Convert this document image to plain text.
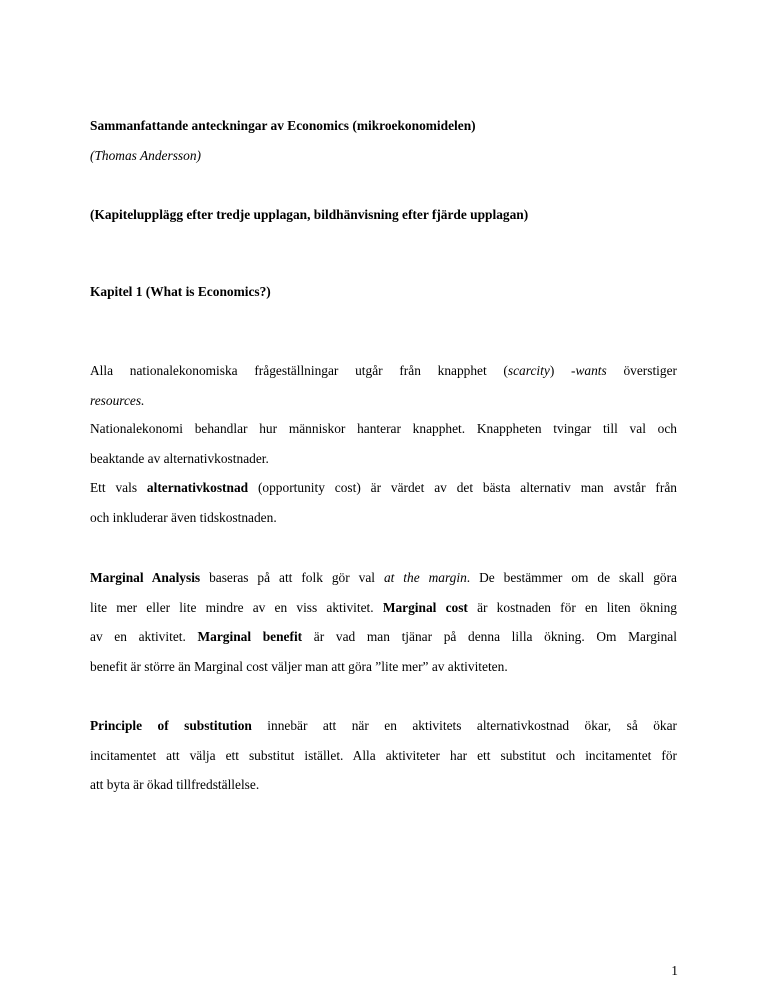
Sammanfattande anteckningar av Economics (mikroekonomidelen)

(Thomas Andersson)

(Kapitelupplägg efter tredje upplagan, bildhänvisning efter fjärde upplagan)

Kapitel 1 (What is Economics?)

Alla nationalekonomiska frågeställningar utgår från knapphet (scarcity) -wants överstiger
resources.
Nationalekonomi behandlar hur människor hanterar knapphet. Knappheten tvingar till val och
beaktande av alternativkostnader.
Ett vals alternativkostnad (opportunity cost) är värdet av det bästa alternativ man avstår från
och inkluderar även tidskostnaden.
Marginal Analysis baseras på att folk gör val at the margin. De bestämmer om de skall göra
lite mer eller lite mindre av en viss aktivitet. Marginal cost är kostnaden för en liten ökning
av en aktivitet. Marginal benefit är vad man tjänar på denna lilla ökning. Om Marginal
benefit är större än Marginal cost väljer man att göra ”lite mer” av aktiviteten.
Principle of substitution innebär att när en aktivitets alternativkostnad ökar, så ökar
incitamentet att välja ett substitut istället. Alla aktiviteter har ett substitut och incitamentet för
att byta är ökad tillfredställelse.
1
